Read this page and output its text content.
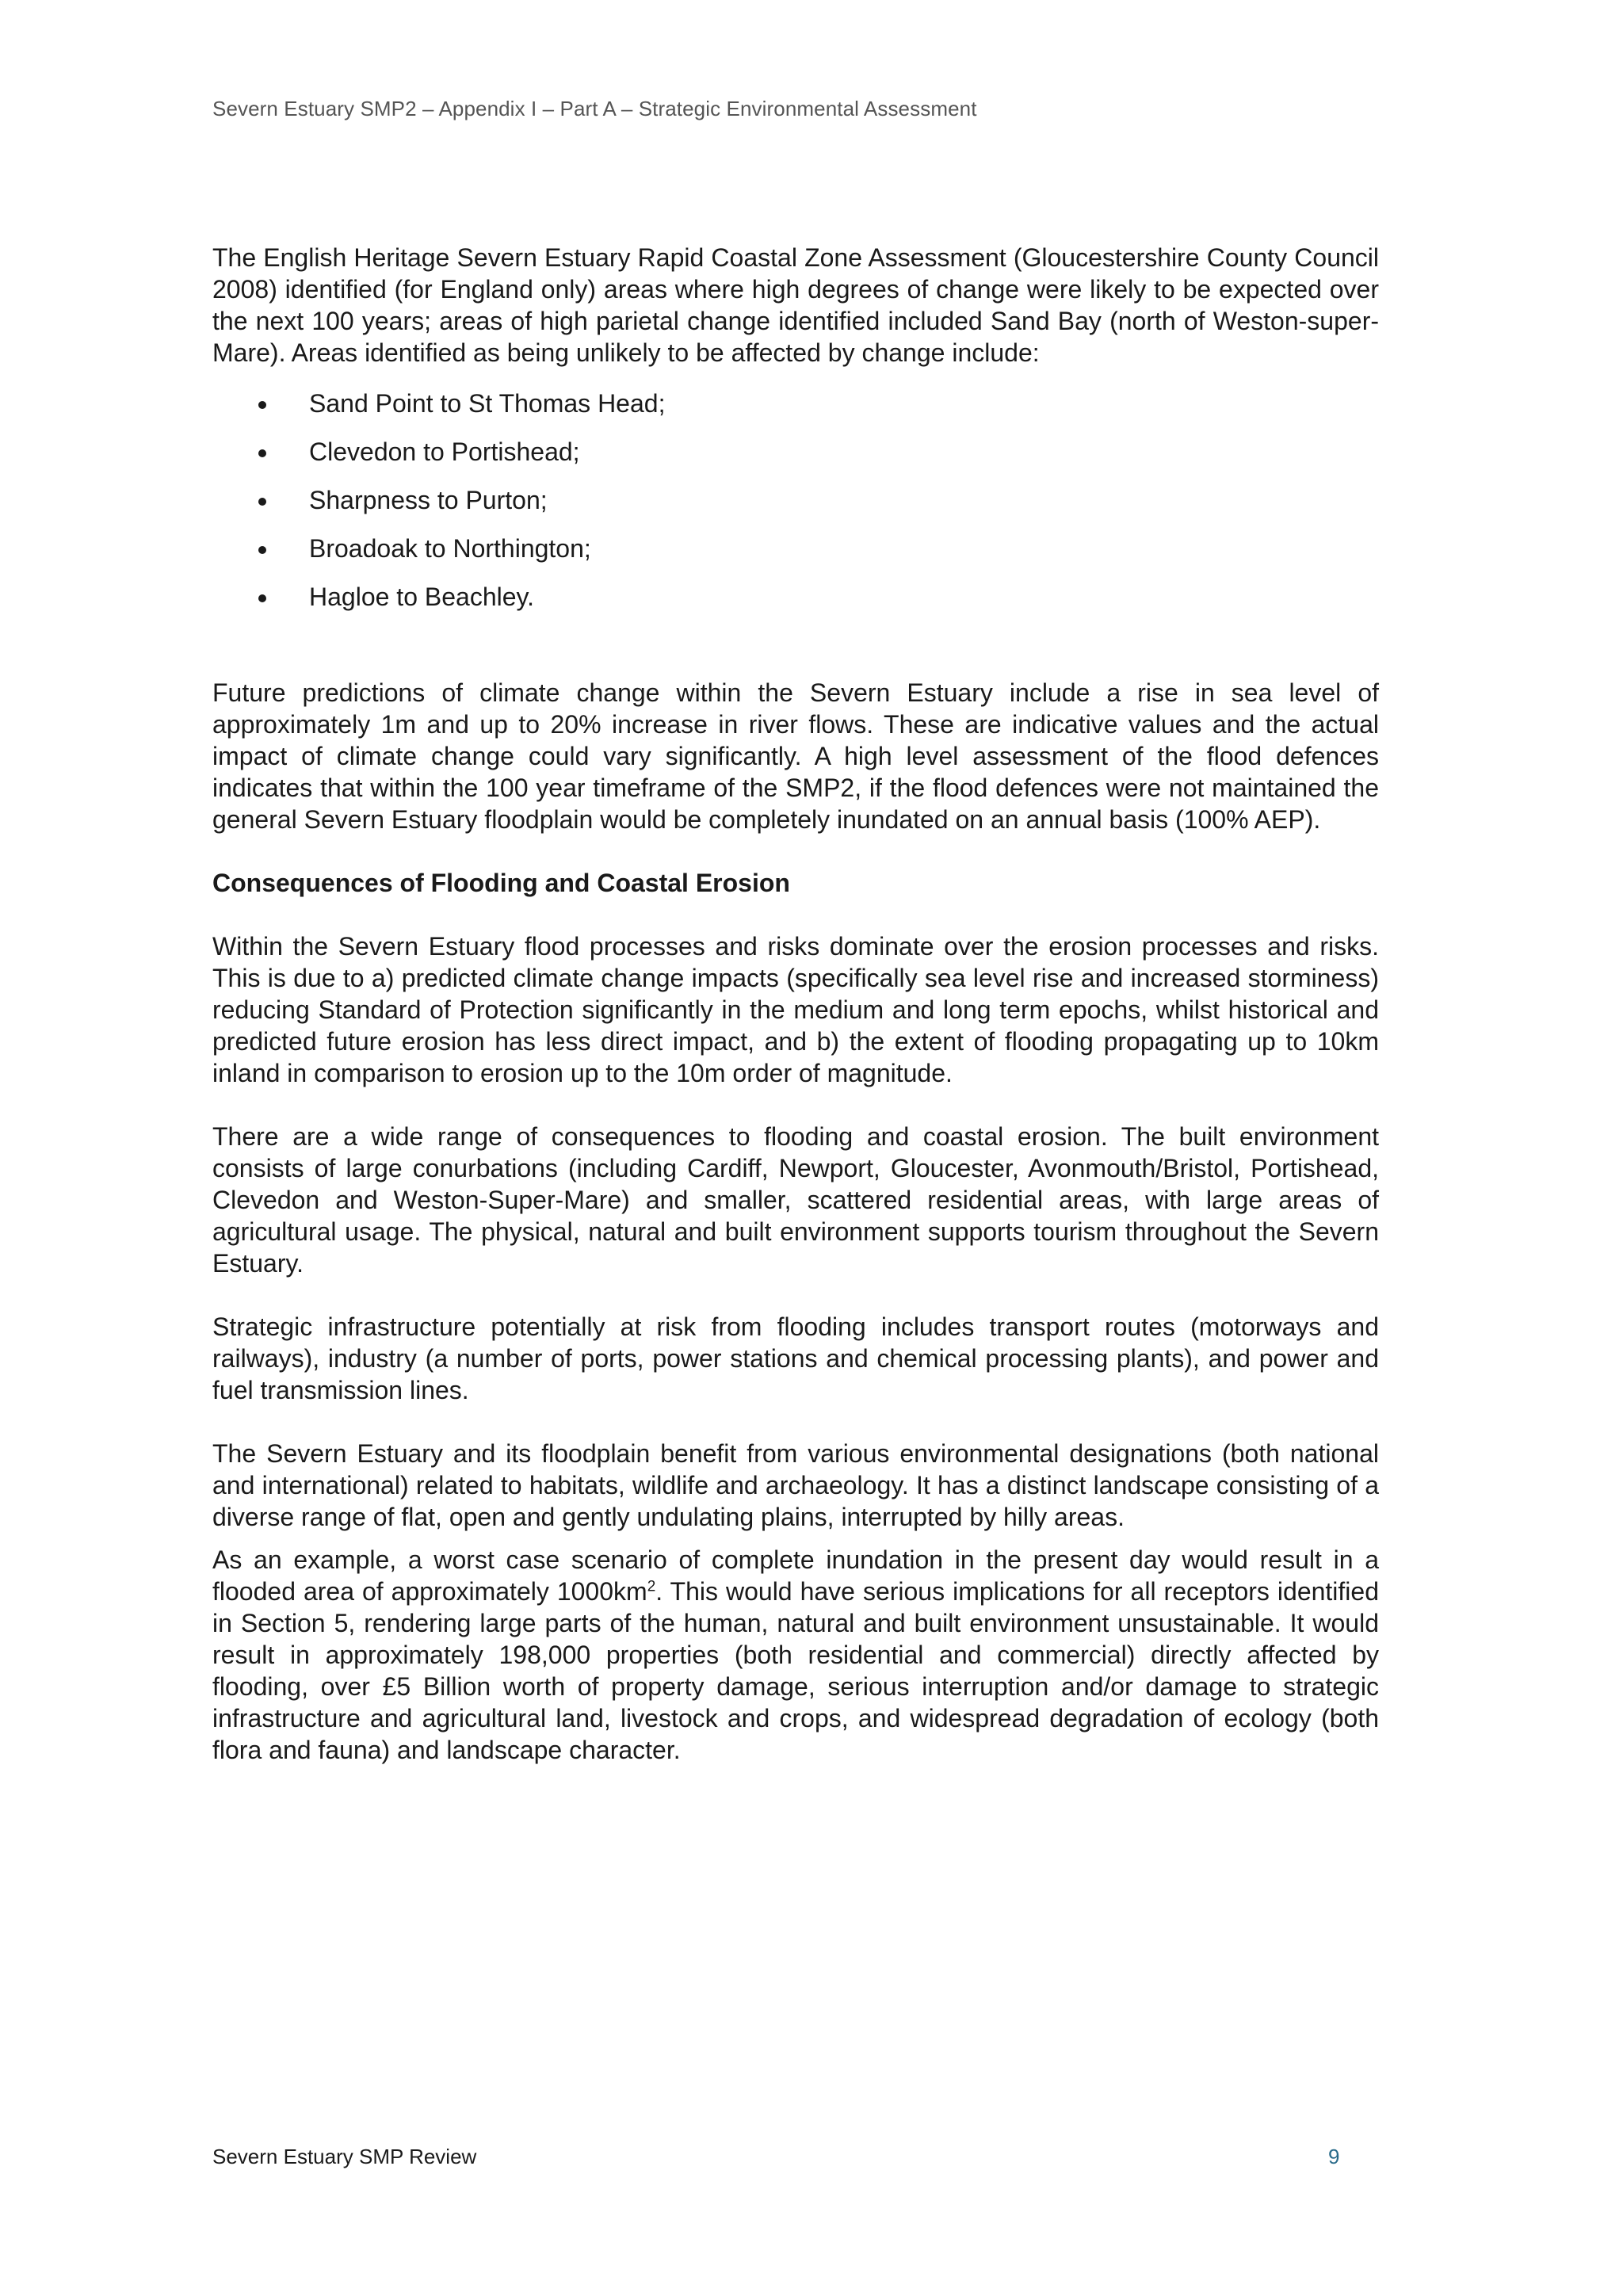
Severn Estuary SMP2 – Appendix I – Part A – Strategic Environmental Assessment

The English Heritage Severn Estuary Rapid Coastal Zone Assessment (Gloucestershire County Council 2008) identified (for England only) areas where high degrees of change were likely to be expected over the next 100 years; areas of high parietal change identified included Sand Bay (north of Weston-super-Mare). Areas identified as being unlikely to be affected by change include:

Sand Point to St Thomas Head;
Clevedon to Portishead;
Sharpness to Purton;
Broadoak to Northington;
Hagloe to Beachley.

Future predictions of climate change within the Severn Estuary include a rise in sea level of approximately 1m and up to 20% increase in river flows. These are indicative values and the actual impact of climate change could vary significantly. A high level assessment of the flood defences indicates that within the 100 year timeframe of the SMP2, if the flood defences were not maintained the general Severn Estuary floodplain would be completely inundated on an annual basis (100% AEP).

Consequences of Flooding and Coastal Erosion

Within the Severn Estuary flood processes and risks dominate over the erosion processes and risks. This is due to a) predicted climate change impacts (specifically sea level rise and increased storminess) reducing Standard of Protection significantly in the medium and long term epochs, whilst historical and predicted future erosion has less direct impact, and b) the extent of flooding propagating up to 10km inland in comparison to erosion up to the 10m order of magnitude.

There are a wide range of consequences to flooding and coastal erosion. The built environment consists of large conurbations (including Cardiff, Newport, Gloucester, Avonmouth/Bristol, Portishead, Clevedon and Weston-Super-Mare) and smaller, scattered residential areas, with large areas of agricultural usage. The physical, natural and built environment supports tourism throughout the Severn Estuary.

Strategic infrastructure potentially at risk from flooding includes transport routes (motorways and railways), industry (a number of ports, power stations and chemical processing plants), and power and fuel transmission lines.

The Severn Estuary and its floodplain benefit from various environmental designations (both national and international) related to habitats, wildlife and archaeology. It has a distinct landscape consisting of a diverse range of flat, open and gently undulating plains, interrupted by hilly areas.

As an example, a worst case scenario of complete inundation in the present day would result in a flooded area of approximately $1000km^2$. This would have serious implications for all receptors identified in Section 5, rendering large parts of the human, natural and built environment unsustainable. It would result in approximately 198,000 properties (both residential and commercial) directly affected by flooding, over £5 Billion worth of property damage, serious interruption and/or damage to strategic infrastructure and agricultural land, livestock and crops, and widespread degradation of ecology (both flora and fauna) and landscape character.

Severn Estuary SMP Review	9
